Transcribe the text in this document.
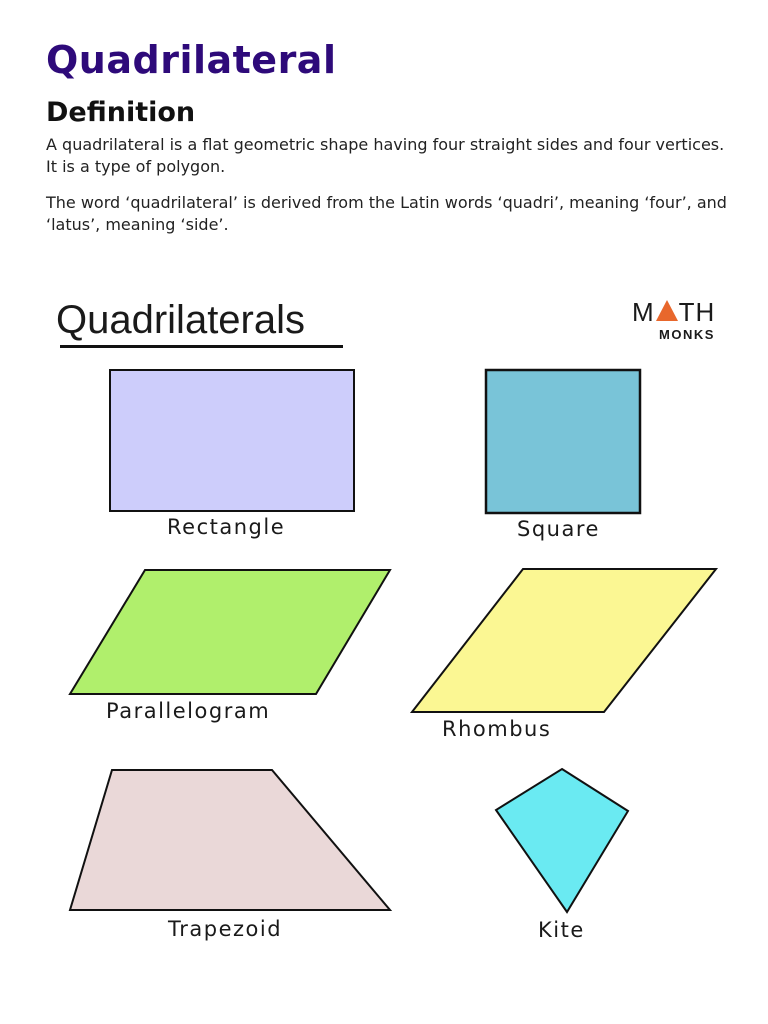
Quadrilateral
Definition

A quadrilateral is a flat geometric shape having four straight sides and four vertices. It is a type of polygon.

The word ‘quadrilateral’ is derived from the Latin words ‘quadri’, meaning ‘four’, and ‘latus’, meaning ‘side’.

Quadrilaterals	M TH

MONKS

Rectangle	Square

Parallelogram

Rhombus

Trapezoid	Kite
